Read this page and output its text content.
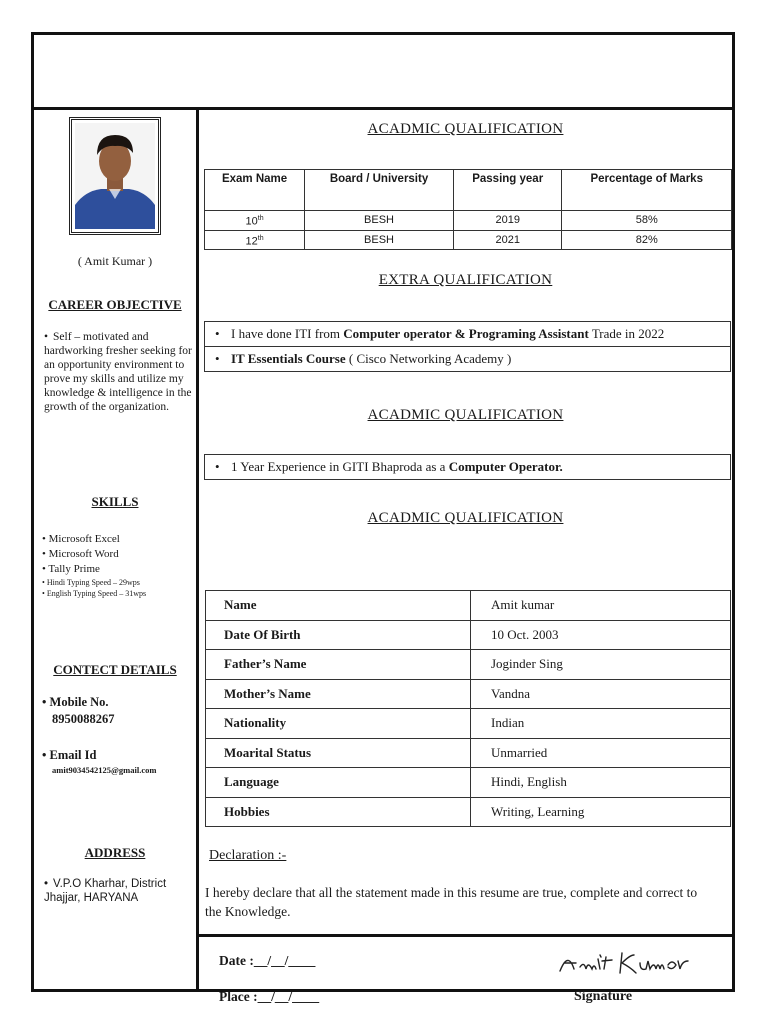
( Amit Kumar )
CAREER OBJECTIVE
• Self – motivated and hardworking fresher seeking for an opportunity environment to prove my skills and utilize my knowledge & intelligence in the growth of the organization.
SKILLS
• Microsoft Excel
• Microsoft Word
• Tally Prime
• Hindi Typing Speed – 29wps
• English Typing Speed – 31wps
CONTECT DETAILS
• Mobile No.
8950088267
• Email Id
amit9034542125@gmail.com
ADDRESS
• V.P.O Kharhar, District Jhajjar, HARYANA
ACADMIC QUALIFICATION
Exam Name	Board / University	Passing year	Percentage of Marks
10th	BESH	2019	58%
12th	BESH	2021	82%
EXTRA QUALIFICATION
• I have done ITI from Computer operator & Programing Assistant Trade in 2022
• IT Essentials Course ( Cisco Networking Academy )
ACADMIC QUALIFICATION
• 1 Year Experience in GITI Bhaproda as a Computer Operator.
ACADMIC QUALIFICATION
Name	Amit kumar
Date Of Birth	10 Oct. 2003
Father’s Name	Joginder Sing
Mother’s Name	Vandna
Nationality	Indian
Moarital Status	Unmarried
Language	Hindi, English
Hobbies	Writing, Learning
Declaration :-
I hereby declare that all the statement made in this resume are true, complete and correct to the Knowledge.
Date :__/__/____
Place :__/__/____	Signature
